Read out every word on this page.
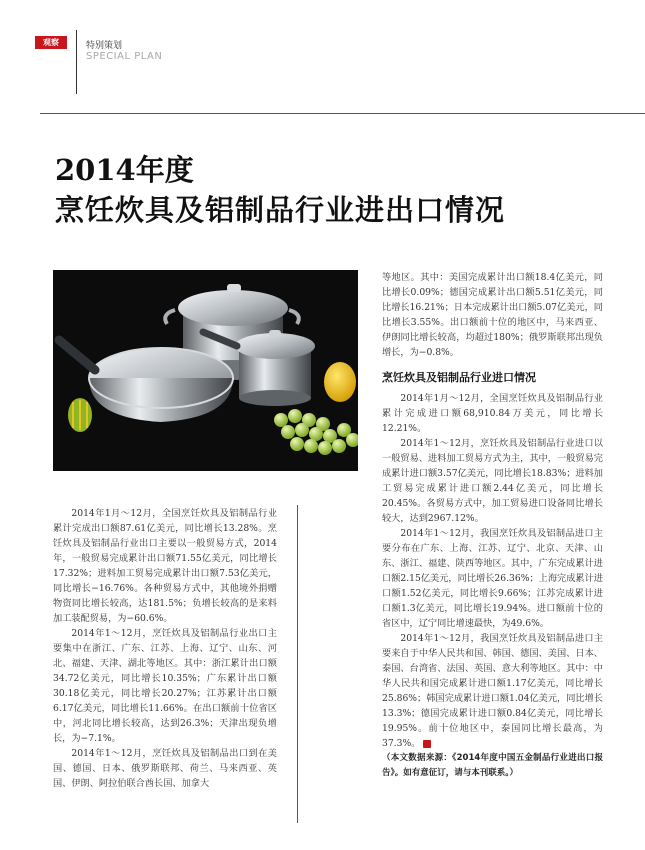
观察	特别策划
SPECIAL PLAN
2014年度
烹饪炊具及铝制品行业进出口情况

2014年1月～12月，全国烹饪炊具及铝制品行业累计完成出口额87.61亿美元，同比增长13.28%。烹饪炊具及铝制品行业出口主要以一般贸易方式，2014年，一般贸易完成累计出口额71.55亿美元，同比增长17.32%；进料加工贸易完成累计出口额7.53亿美元，同比增长−16.76%。各种贸易方式中，其他境外捐赠物资同比增长较高，达181.5%；负增长较高的是来料加工装配贸易，为−60.6%。

2014年1～12月，烹饪炊具及铝制品行业出口主要集中在浙江、广东、江苏、上海、辽宁、山东、河北、福建、天津、湖北等地区。其中：浙江累计出口额34.72亿美元，同比增长10.35%；广东累计出口额30.18亿美元，同比增长20.27%；江苏累计出口额6.17亿美元，同比增长11.66%。在出口额前十位省区中，河北同比增长较高，达到26.3%；天津出现负增长，为−7.1%。

2014年1～12月，烹饪炊具及铝制品出口到在美国、德国、日本、俄罗斯联邦、荷兰、马来西亚、英国、伊朗、阿拉伯联合酋长国、加拿大

等地区。其中：美国完成累计出口额18.4亿美元，同比增长0.09%；德国完成累计出口额5.51亿美元，同比增长16.21%；日本完成累计出口额5.07亿美元，同比增长3.55%。出口额前十位的地区中，马来西亚、伊朗同比增长较高，均超过180%；俄罗斯联邦出现负增长，为−0.8%。

烹饪炊具及铝制品行业进口情况

2014年1月～12月，全国烹饪炊具及铝制品行业累计完成进口额68,910.84万美元，同比增长12.21%。

2014年1～12月，烹饪炊具及铝制品行业进口以一般贸易、进料加工贸易方式为主，其中，一般贸易完成累计进口额3.57亿美元，同比增长18.83%；进料加工贸易完成累计进口额2.44亿美元，同比增长20.45%。各贸易方式中，加工贸易进口设备同比增长较大，达到2967.12%。

2014年1～12月，我国烹饪炊具及铝制品进口主要分布在广东、上海、江苏、辽宁、北京、天津、山东、浙江、福建、陕西等地区。其中，广东完成累计进口额2.15亿美元，同比增长26.36%；上海完成累计进口额1.52亿美元，同比增长9.66%；江苏完成累计进口额1.3亿美元，同比增长19.94%。进口额前十位的省区中，辽宁同比增速最快，为49.6%。

2014年1～12月，我国烹饪炊具及铝制品进口主要来自于中华人民共和国、韩国、德国、美国、日本、泰国、台湾省、法国、英国、意大利等地区。其中：中华人民共和国完成累计进口额1.17亿美元，同比增长25.86%；韩国完成累计进口额1.04亿美元，同比增长13.3%；德国完成累计进口额0.84亿美元，同比增长19.95%。前十位地区中，泰国同比增长最高，为37.3%。

（本文数据来源：《2014年度中国五金制品行业进出口报告》。如有意征订，请与本刊联系。）
